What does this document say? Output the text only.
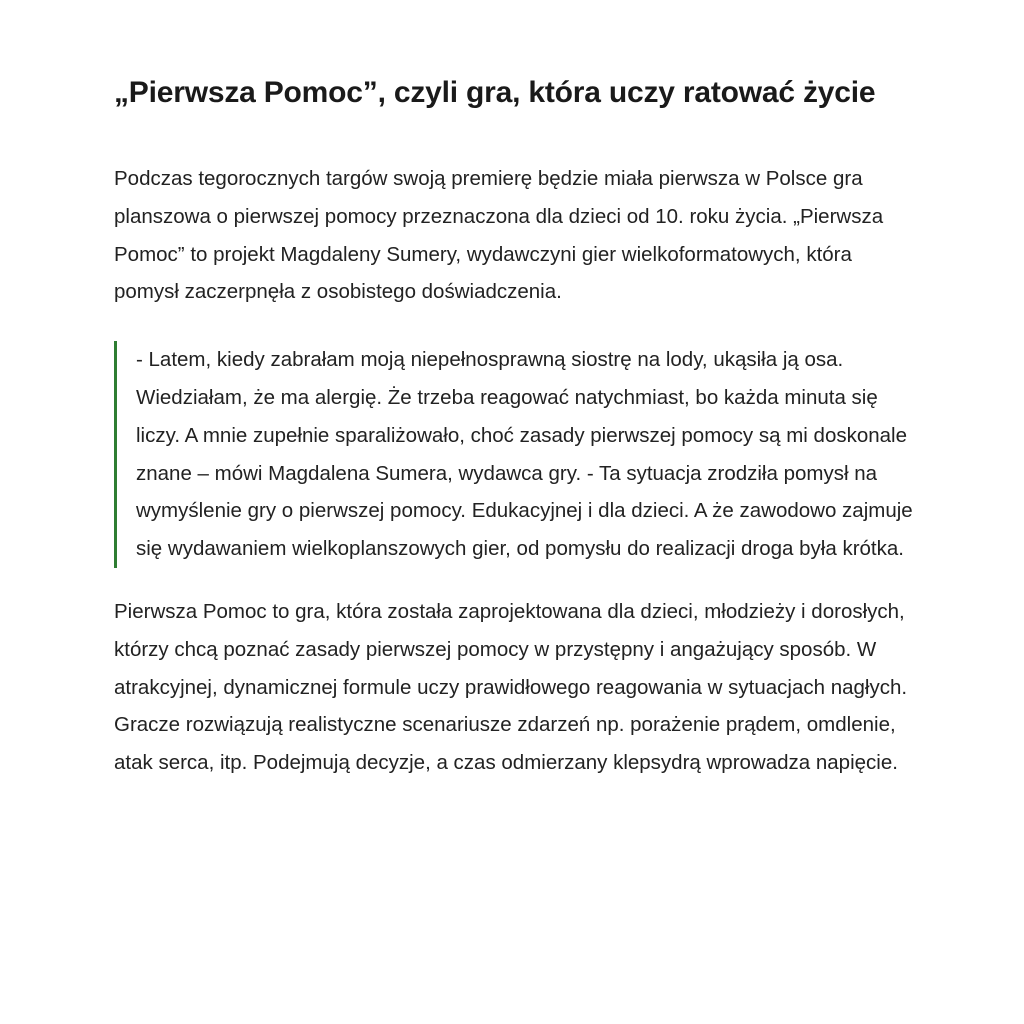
„Pierwsza Pomoc”, czyli gra, która uczy ratować życie

Podczas tegorocznych targów swoją premierę będzie miała pierwsza w Polsce gra planszowa o pierwszej pomocy przeznaczona dla dzieci od 10. roku życia. „Pierwsza Pomoc” to projekt Magdaleny Sumery, wydawczyni gier wielkoformatowych, która pomysł zaczerpnęła z osobistego doświadczenia.

- Latem, kiedy zabrałam moją niepełnosprawną siostrę na lody, ukąsiła ją osa. Wiedziałam, że ma alergię. Że trzeba reagować natychmiast, bo każda minuta się liczy. A mnie zupełnie sparaliżowało, choć zasady pierwszej pomocy są mi doskonale znane – mówi Magdalena Sumera, wydawca gry. - Ta sytuacja zrodziła pomysł na wymyślenie gry o pierwszej pomocy. Edukacyjnej i dla dzieci. A że zawodowo zajmuje się wydawaniem wielkoplanszowych gier, od pomysłu do realizacji droga była krótka.

Pierwsza Pomoc to gra, która została zaprojektowana dla dzieci, młodzieży i dorosłych, którzy chcą poznać zasady pierwszej pomocy w przystępny i angażujący sposób. W atrakcyjnej, dynamicznej formule uczy prawidłowego reagowania w sytuacjach nagłych. Gracze rozwiązują realistyczne scenariusze zdarzeń np. porażenie prądem, omdlenie, atak serca, itp. Podejmują decyzje, a czas odmierzany klepsydrą wprowadza napięcie.
